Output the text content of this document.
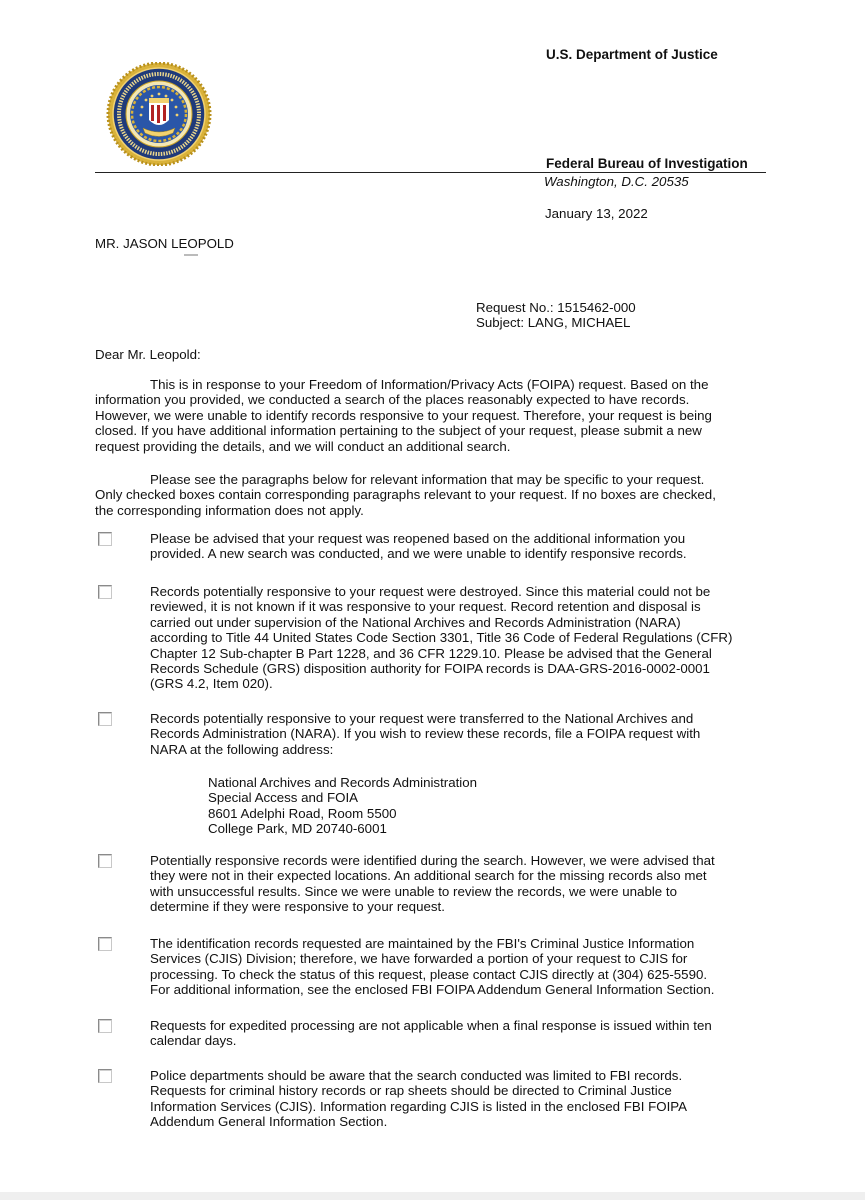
U.S. Department of Justice
Federal Bureau of Investigation
Washington, D.C. 20535
January 13, 2022
MR. JASON LEOPOLD
Request No.: 1515462-000
Subject: LANG, MICHAEL
Dear Mr. Leopold:
This is in response to your Freedom of Information/Privacy Acts (FOIPA) request. Based on the
information you provided, we conducted a search of the places reasonably expected to have records.
However, we were unable to identify records responsive to your request. Therefore, your request is being
closed. If you have additional information pertaining to the subject of your request, please submit a new
request providing the details, and we will conduct an additional search.
Please see the paragraphs below for relevant information that may be specific to your request.
Only checked boxes contain corresponding paragraphs relevant to your request. If no boxes are checked,
the corresponding information does not apply.
Please be advised that your request was reopened based on the additional information you
provided. A new search was conducted, and we were unable to identify responsive records.
Records potentially responsive to your request were destroyed. Since this material could not be
reviewed, it is not known if it was responsive to your request. Record retention and disposal is
carried out under supervision of the National Archives and Records Administration (NARA)
according to Title 44 United States Code Section 3301, Title 36 Code of Federal Regulations (CFR)
Chapter 12 Sub-chapter B Part 1228, and 36 CFR 1229.10. Please be advised that the General
Records Schedule (GRS) disposition authority for FOIPA records is DAA-GRS-2016-0002-0001
(GRS 4.2, Item 020).
Records potentially responsive to your request were transferred to the National Archives and
Records Administration (NARA). If you wish to review these records, file a FOIPA request with
NARA at the following address:
National Archives and Records Administration
Special Access and FOIA
8601 Adelphi Road, Room 5500
College Park, MD 20740-6001
Potentially responsive records were identified during the search. However, we were advised that
they were not in their expected locations. An additional search for the missing records also met
with unsuccessful results. Since we were unable to review the records, we were unable to
determine if they were responsive to your request.
The identification records requested are maintained by the FBI's Criminal Justice Information
Services (CJIS) Division; therefore, we have forwarded a portion of your request to CJIS for
processing. To check the status of this request, please contact CJIS directly at (304) 625-5590.
For additional information, see the enclosed FBI FOIPA Addendum General Information Section.
Requests for expedited processing are not applicable when a final response is issued within ten
calendar days.
Police departments should be aware that the search conducted was limited to FBI records.
Requests for criminal history records or rap sheets should be directed to Criminal Justice
Information Services (CJIS). Information regarding CJIS is listed in the enclosed FBI FOIPA
Addendum General Information Section.
